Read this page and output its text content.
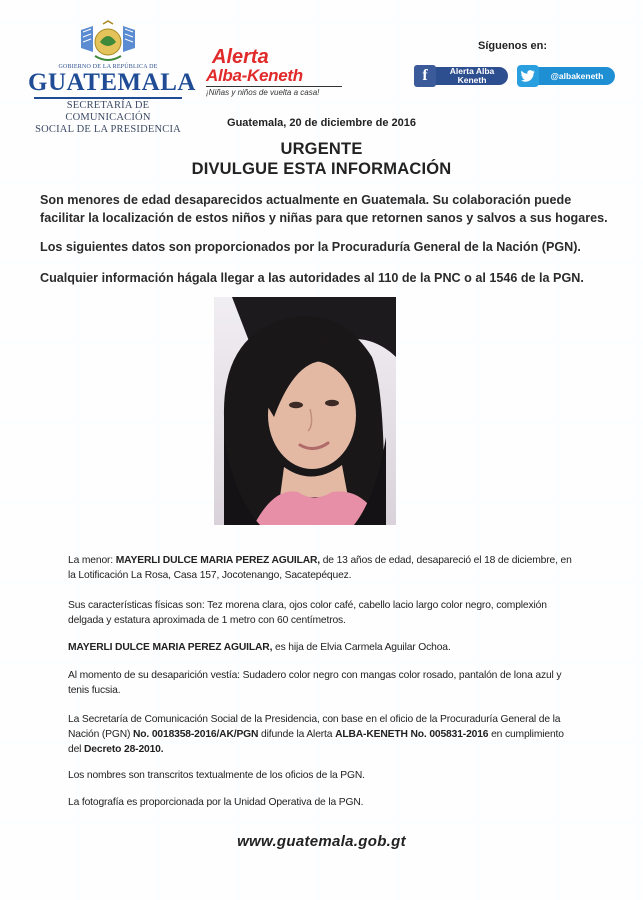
GOBIERNO DE LA REPÚBLICA DE
GUATEMALA
SECRETARÍA DE COMUNICACIÓN
SOCIAL DE LA PRESIDENCIA
Alerta
Alba-Keneth
¡Niñas y niños de vuelta a casa!
Síguenos en:
f	Alerta Alba
Keneth	@albakeneth
Guatemala, 20 de diciembre de 2016
URGENTE
DIVULGUE ESTA INFORMACIÓN
Son menores de edad desaparecidos actualmente en Guatemala. Su colaboración puede facilitar la localización de estos niños y niñas para que retornen sanos y salvos a sus hogares.
Los siguientes datos son proporcionados por la Procuraduría General de la Nación (PGN).
Cualquier información hágala llegar a las autoridades al 110 de la PNC o al 1546 de la PGN.
La menor: MAYERLI DULCE MARIA PEREZ AGUILAR, de 13 años de edad, desapareció el 18 de diciembre, en la Lotificación La Rosa, Casa 157, Jocotenango, Sacatepéquez.
Sus características físicas son: Tez morena clara, ojos color café, cabello lacio largo color negro, complexión delgada y estatura aproximada de 1 metro con 60 centímetros.
MAYERLI DULCE MARIA PEREZ AGUILAR, es hija de Elvia Carmela Aguilar Ochoa.
Al momento de su desaparición vestía: Sudadero color negro con mangas color rosado, pantalón de lona azul y tenis fucsia.
La Secretaría de Comunicación Social de la Presidencia, con base en el oficio de la Procuraduría General de la Nación (PGN) No. 0018358-2016/AK/PGN difunde la Alerta ALBA-KENETH No. 005831-2016 en cumplimiento del Decreto 28-2010.
Los nombres son transcritos textualmente de los oficios de la PGN.
La fotografía es proporcionada por la Unidad Operativa de la PGN.
www.guatemala.gob.gt
